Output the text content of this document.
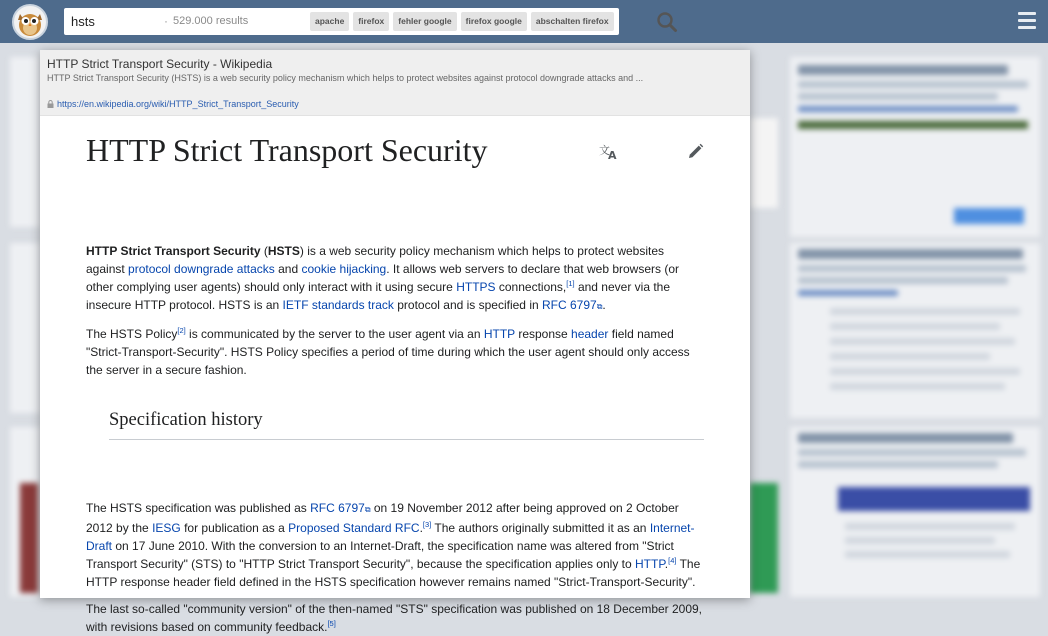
hsts	· 529.000 results	apache	firefox	fehler google	firefox google	abschalten firefox
HTTP Strict Transport Security - Wikipedia
HTTP Strict Transport Security (HSTS) is a web security policy mechanism which helps to protect websites against protocol downgrade attacks and ...
https://en.wikipedia.org/wiki/HTTP_Strict_Transport_Security
HTTP Strict Transport Security	文
A
HTTP Strict Transport Security (HSTS) is a web security policy mechanism which helps to protect websites against protocol downgrade attacks and cookie hijacking. It allows web servers to declare that web browsers (or other complying user agents) should only interact with it using secure HTTPS connections,[1] and never via the insecure HTTP protocol. HSTS is an IETF standards track protocol and is specified in RFC 6797⧉.
The HSTS Policy[2] is communicated by the server to the user agent via an HTTP response header field named "Strict-Transport-Security". HSTS Policy specifies a period of time during which the user agent should only access the server in a secure fashion.
Specification history
The HSTS specification was published as RFC 6797⧉ on 19 November 2012 after being approved on 2 October 2012 by the IESG for publication as a Proposed Standard RFC.[3] The authors originally submitted it as an Internet-Draft on 17 June 2010. With the conversion to an Internet-Draft, the specification name was altered from "Strict Transport Security" (STS) to "HTTP Strict Transport Security", because the specification applies only to HTTP.[4] The HTTP response header field defined in the HSTS specification however remains named "Strict-Transport-Security".
The last so-called "community version" of the then-named "STS" specification was published on 18 December 2009, with revisions based on community feedback.[5]
